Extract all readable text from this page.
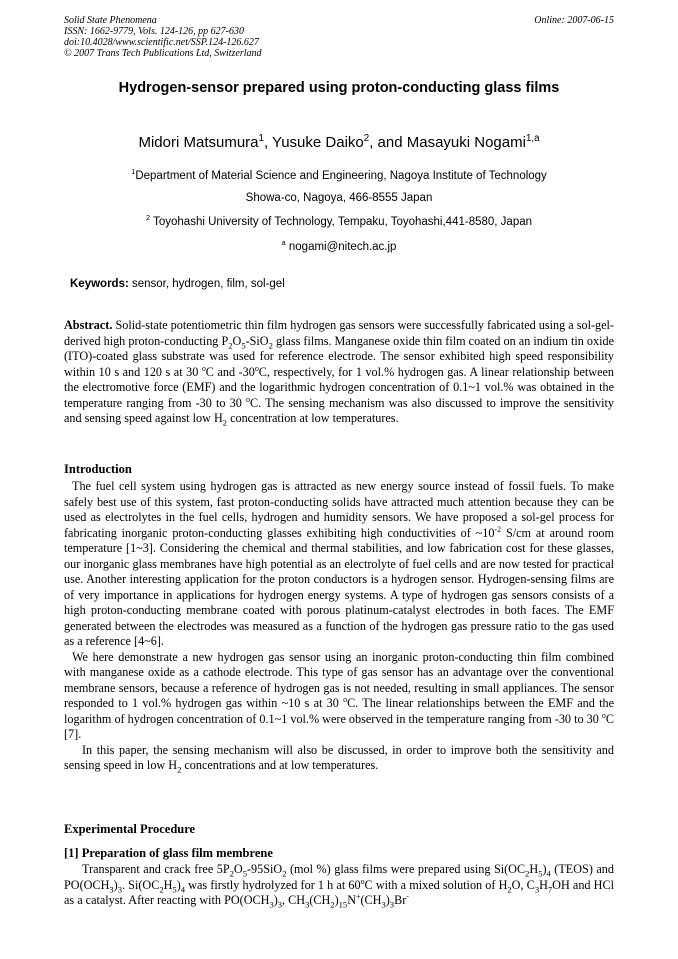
Solid State Phenomena
ISSN: 1662-9779, Vols. 124-126, pp 627-630
doi:10.4028/www.scientific.net/SSP.124-126.627
© 2007 Trans Tech Publications Ltd, Switzerland
Online: 2007-06-15
Hydrogen-sensor prepared using proton-conducting glass films
Midori Matsumura$^1$, Yusuke Daiko$^2$, and Masayuki Nogami$^{1,a}$
$^1$Department of Material Science and Engineering, Nagoya Institute of Technology
Showa-co, Nagoya, 466-8555 Japan
$^2$ Toyohashi University of Technology, Tempaku, Toyohashi,441-8580, Japan
$^a$ nogami@nitech.ac.jp
Keywords: sensor, hydrogen, film, sol-gel

Abstract. Solid-state potentiometric thin film hydrogen gas sensors were successfully fabricated using a sol-gel-derived high proton-conducting $P_2O_5-SiO_2$ glass films. Manganese oxide thin film coated on an indium tin oxide (ITO)-coated glass substrate was used for reference electrode. The sensor exhibited high speed responsibility within 10 s and 120 s at 30 $^o$C and -30$^o$C, respectively, for 1 vol.% hydrogen gas. A linear relationship between the electromotive force (EMF) and the logarithmic hydrogen concentration of 0.1~1 vol.% was obtained in the temperature ranging from -30 to 30 $^o$C. The sensing mechanism was also discussed to improve the sensitivity and sensing speed against low $H_2$ concentration at low temperatures.

Introduction

The fuel cell system using hydrogen gas is attracted as new energy source instead of fossil fuels. To make safely best use of this system, fast proton-conducting solids have attracted much attention because they can be used as electrolytes in the fuel cells, hydrogen and humidity sensors. We have proposed a sol-gel process for fabricating inorganic proton-conducting glasses exhibiting high conductivities of $\sim 10^{-2}$ S/cm at around room temperature [1~3]. Considering the chemical and thermal stabilities, and low fabrication cost for these glasses, our inorganic glass membranes have high potential as an electrolyte of fuel cells and are now tested for practical use. Another interesting application for the proton conductors is a hydrogen sensor. Hydrogen-sensing films are of very importance in applications for hydrogen energy systems. A type of hydrogen gas sensors consists of a high proton-conducting membrane coated with porous platinum-catalyst electrodes in both faces. The EMF generated between the electrodes was measured as a function of the hydrogen gas pressure ratio to the gas used as a reference [4~6].

We here demonstrate a new hydrogen gas sensor using an inorganic proton-conducting thin film combined with manganese oxide as a cathode electrode. This type of gas sensor has an advantage over the conventional membrane sensors, because a reference of hydrogen gas is not needed, resulting in small appliances. The sensor responded to 1 vol.% hydrogen gas within ~10 s at 30 $^o$C. The linear relationships between the EMF and the logarithm of hydrogen concentration of 0.1~1 vol.% were observed in the temperature ranging from -30 to 30 $^o$C [7].

In this paper, the sensing mechanism will also be discussed, in order to improve both the sensitivity and sensing speed in low $H_2$ concentrations and at low temperatures.

Experimental Procedure
[1] Preparation of glass film membrene

Transparent and crack free $5P_2O_5-95SiO_2$ (mol %) glass films were prepared using $Si(OC_2H_5)_4$ (TEOS) and $PO(OCH_3)_3$. $Si(OC_2H_5)_4$ was firstly hydrolyzed for 1 h at 60$^o$C with a mixed solution of $H_2O$, $C_3H_7OH$ and HCl as a catalyst. After reacting with $PO(OCH_3)_3$, $CH_3(CH_2)_{15}N^+(CH_3)_3Br^-$
